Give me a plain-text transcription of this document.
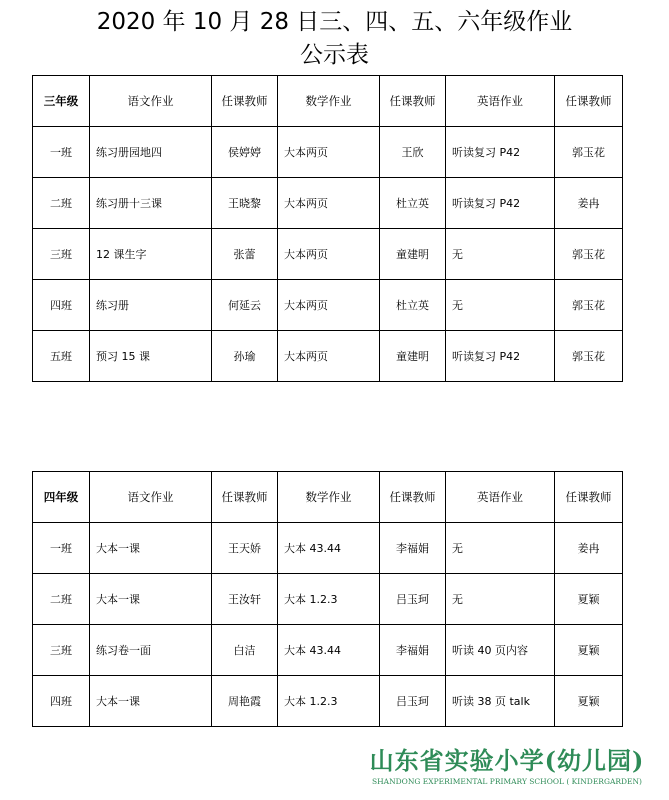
2020 年 10 月 28 日三、四、五、六年级作业
公示表
三年级	语文作业	任课教师	数学作业	任课教师	英语作业	任课教师
一班	练习册园地四	侯婷婷	大本两页	王欣	听读复习 P42	郭玉花
二班	练习册十三课	王晓黎	大本两页	杜立英	听读复习 P42	姜冉
三班	12 课生字	张蕾	大本两页	童建明	无	郭玉花
四班	练习册	何延云	大本两页	杜立英	无	郭玉花
五班	预习 15 课	孙瑜	大本两页	童建明	听读复习 P42	郭玉花
四年级	语文作业	任课教师	数学作业	任课教师	英语作业	任课教师
一班	大本一课	王天娇	大本 43.44	李福娟	无	姜冉
二班	大本一课	王汝轩	大本 1.2.3	吕玉珂	无	夏颖
三班	练习卷一面	白洁	大本 43.44	李福娟	听读 40 页内容	夏颖
四班	大本一课	周艳霞	大本 1.2.3	吕玉珂	听读 38 页 talk	夏颖
山东省实验小学(幼儿园)
SHANDONG EXPERIMENTAL PRIMARY SCHOOL ( KINDERGARDEN)
